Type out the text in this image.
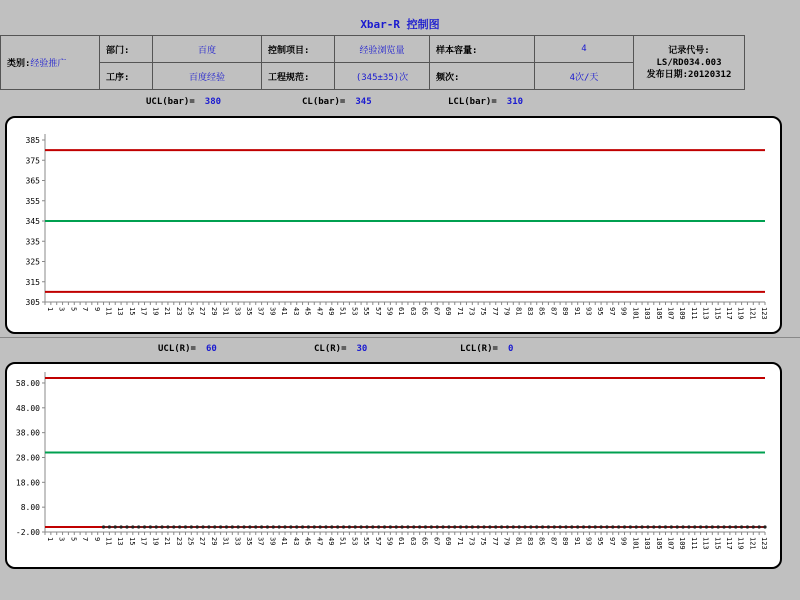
Xbar-R 控制图
类别:经验推广	部门:	百度	控制项目:	经验浏览量	样本容量:	4	记录代号:
LS/RD034.003
发布日期:20120312

	工序:	百度经验	工程规范:	(345±35)次	频次:	4次/天	
UCL(bar)= 380	CL(bar)= 345	LCL(bar)= 310
305
315
325
335
345
355
365
375
385
1 3 5 7 9 11 13 15 17 19 21 23 25 27 29 31 33 35 37 39 41 43 45 47 49 51 53 55 57 59 61 63 65 67 69 71 73 75 77 79 81 83 85 87 89 91 93 95 97 99 101 103 105 107 109 111 113 115 117 119 121 123
UCL(R)= 60	CL(R)= 30	LCL(R)= 0
-2.00
8.00
18.00
28.00
38.00
48.00
58.00
1 3 5 7 9 11 13 15 17 19 21 23 25 27 29 31 33 35 37 39 41 43 45 47 49 51 53 55 57 59 61 63 65 67 69 71 73 75 77 79 81 83 85 87 89 91 93 95 97 99 101 103 105 107 109 111 113 115 117 119 121 123
